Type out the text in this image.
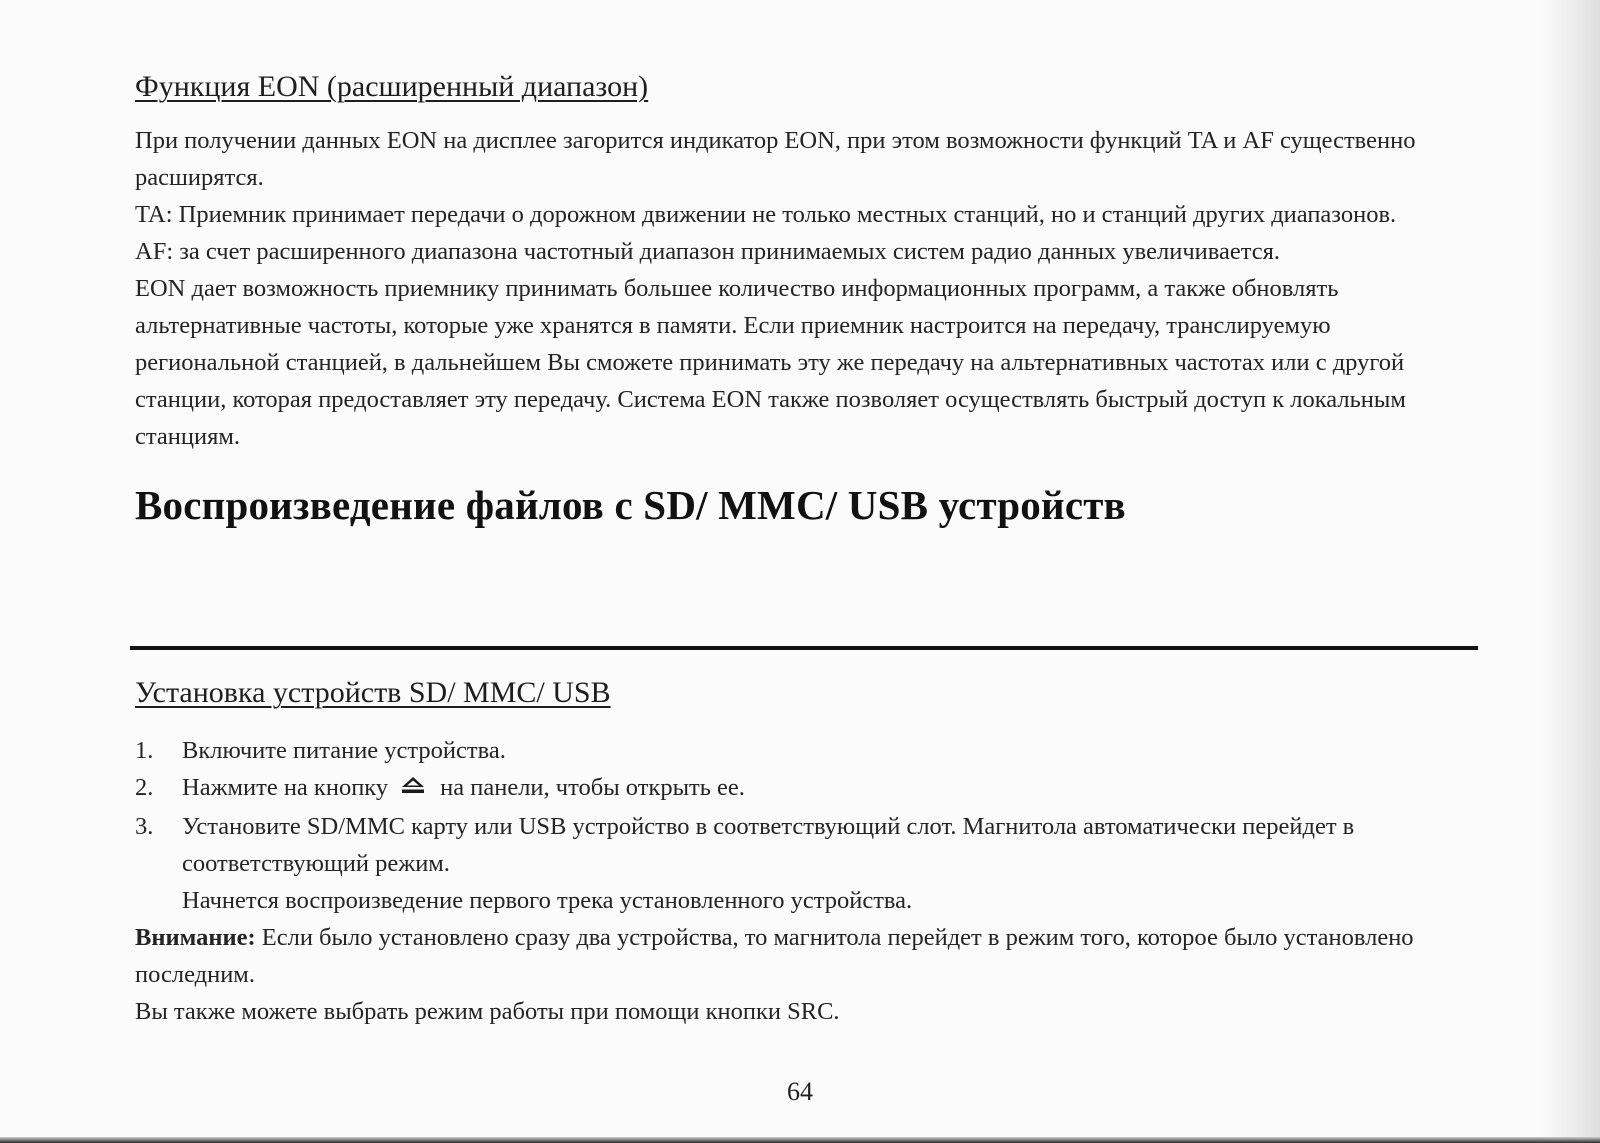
Функция EON (расширенный диапазон)

При получении данных EON на дисплее загорится индикатор EON, при этом возможности функций TA и AF существенно расширятся.

TA: Приемник принимает передачи о дорожном движении не только местных станций, но и станций других диапазонов.

AF: за счет расширенного диапазона частотный диапазон принимаемых систем радио данных увеличивается.

EON дает возможность приемнику принимать большее количество информационных программ, а также обновлять альтернативные частоты, которые уже хранятся в памяти. Если приемник настроится на передачу, транслируемую региональной станцией, в дальнейшем Вы сможете принимать эту же передачу на альтернативных частотах или с другой станции, которая предоставляет эту передачу. Система EON также позволяет осуществлять быстрый доступ к локальным станциям.

Воспроизведение файлов с SD/ MMC/ USB устройств
Установка устройств SD/ MMC/ USB
1.	Включите питание устройства.
2.	Нажмите на кнопку на панели, чтобы открыть ее.
3.	Установите SD/MMC карту или USB устройство в соответствующий слот. Магнитола автоматически перейдет в соответствующий режим.
Начнется воспроизведение первого трека установленного устройства.

Внимание: Если было установлено сразу два устройства, то магнитола перейдет в режим того, которое было установлено последним.

Вы также можете выбрать режим работы при помощи кнопки SRC.

64
